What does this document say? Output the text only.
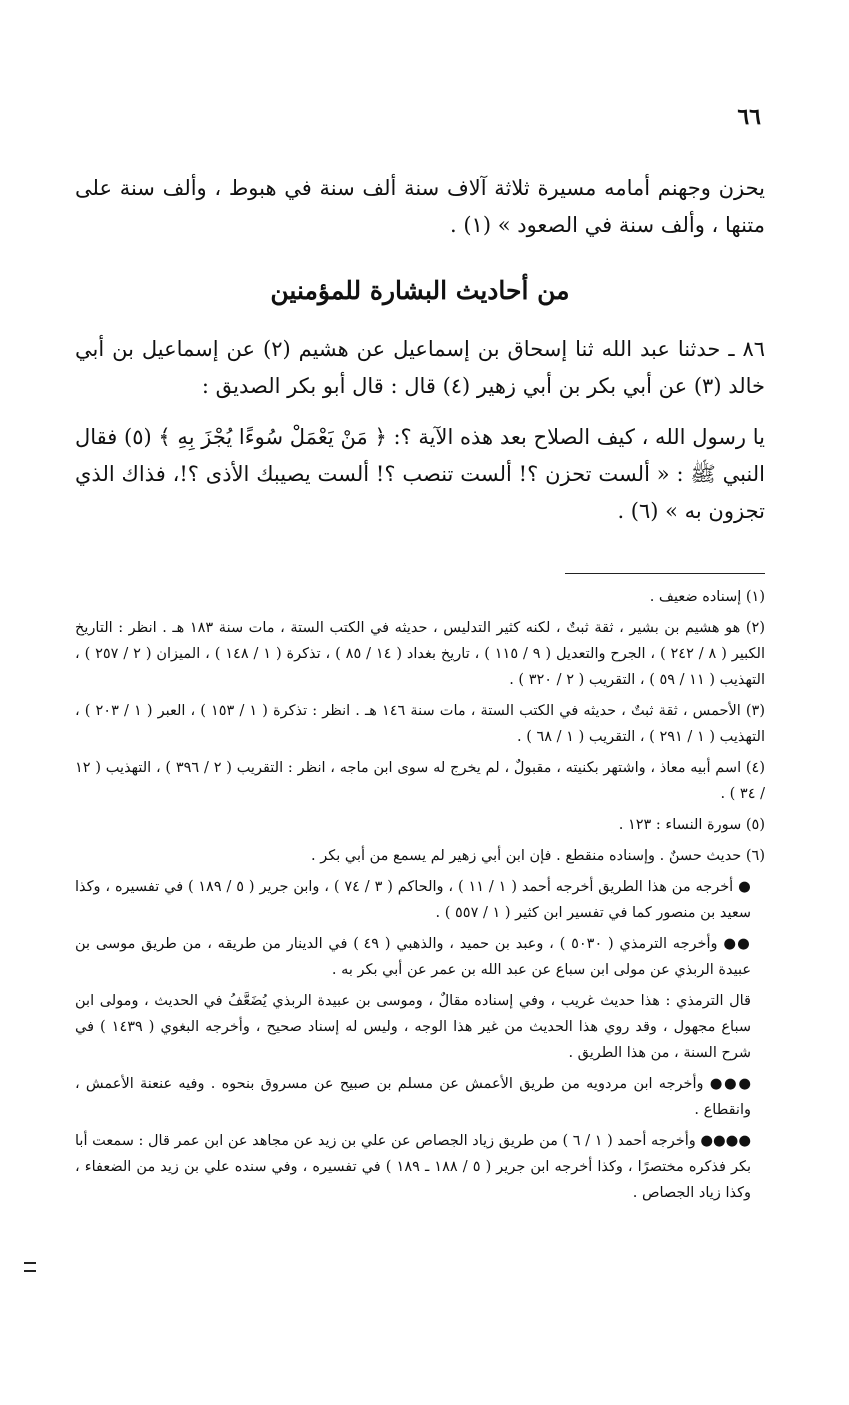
٦٦

يحزن وجهنم أمامه مسيرة ثلاثة آلاف سنة ألف سنة في هبوط ، وألف سنة على متنها ، وألف سنة في الصعود » (١) .

من أحاديث البشارة للمؤمنين

٨٦ ـ حدثنا عبد الله ثنا إسحاق بن إسماعيل عن هشيم (٢) عن إسماعيل بن أبي خالد (٣) عن أبي بكر بن أبي زهير (٤) قال : قال أبو بكر الصديق :

يا رسول الله ، كيف الصلاح بعد هذه الآية ؟: ﴿ مَنْ يَعْمَلْ سُوءًا يُجْزَ بِهِ ﴾ (٥) فقال النبي ﷺ : « ألست تحزن ؟! ألست تنصب ؟! ألست يصيبك الأذى ؟!، فذاك الذي تجزون به » (٦) .

(١) إسناده ضعيف .

(٢) هو هشيم بن بشير ، ثقة ثبتٌ ، لكنه كثير التدليس ، حديثه في الكتب الستة ، مات سنة ١٨٣ هـ . انظر : التاريخ الكبير ( ٨ / ٢٤٢ ) ، الجرح والتعديل ( ٩ / ١١٥ ) ، تاريخ بغداد ( ١٤ / ٨٥ ) ، تذكرة ( ١ / ١٤٨ ) ، الميزان ( ٢ / ٢٥٧ ) ، التهذيب ( ١١ / ٥٩ ) ، التقريب ( ٢ / ٣٢٠ ) .

(٣) الأحمس ، ثقة ثبتٌ ، حديثه في الكتب الستة ، مات سنة ١٤٦ هـ . انظر : تذكرة ( ١ / ١٥٣ ) ، العبر ( ١ / ٢٠٣ ) ، التهذيب ( ١ / ٢٩١ ) ، التقريب ( ١ / ٦٨ ) .

(٤) اسم أبيه معاذ ، واشتهر بكنيته ، مقبولٌ ، لم يخرج له سوى ابن ماجه ، انظر : التقريب ( ٢ / ٣٩٦ ) ، التهذيب ( ١٢ / ٣٤ ) .

(٥) سورة النساء : ١٢٣ .

(٦) حديث حسنٌ . وإسناده منقطع . فإن ابن أبي زهير لم يسمع من أبي بكر .

● أخرجه من هذا الطريق أخرجه أحمد ( ١ / ١١ ) ، والحاكم ( ٣ / ٧٤ ) ، وابن جرير ( ٥ / ١٨٩ ) في تفسيره ، وكذا سعيد بن منصور كما في تفسير ابن كثير ( ١ / ٥٥٧ ) .

●● وأخرجه الترمذي ( ٥٠٣٠ ) ، وعبد بن حميد ، والذهبي ( ٤٩ ) في الدينار من طريقه ، من طريق موسى بن عبيدة الربذي عن مولى ابن سباع عن عبد الله بن عمر عن أبي بكر به .

قال الترمذي : هذا حديث غريب ، وفي إسناده مقالٌ ، وموسى بن عبيدة الربذي يُضَعَّفُ في الحديث ، ومولى ابن سباع مجهول ، وقد روي هذا الحديث من غير هذا الوجه ، وليس له إسناد صحيح ، وأخرجه البغوي ( ١٤٣٩ ) في شرح السنة ، من هذا الطريق .

●●● وأخرجه ابن مردويه من طريق الأعمش عن مسلم بن صبيح عن مسروق بنحوه . وفيه عنعنة الأعمش ، وانقطاع .

●●●● وأخرجه أحمد ( ١ / ٦ ) من طريق زياد الجصاص عن علي بن زيد عن مجاهد عن ابن عمر قال : سمعت أبا بكر فذكره مختصرًا ، وكذا أخرجه ابن جرير ( ٥ / ١٨٨ ـ ١٨٩ ) في تفسيره ، وفي سنده علي بن زيد من الضعفاء ، وكذا زياد الجصاص .
